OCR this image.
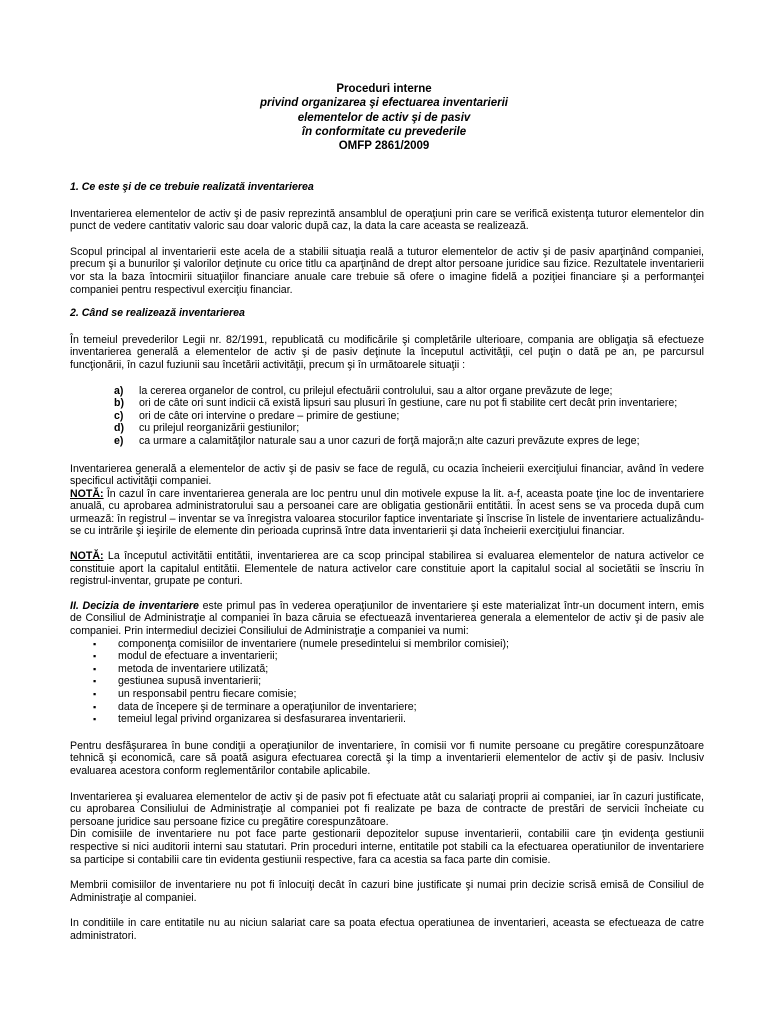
Proceduri interne
privind organizarea şi efectuarea inventarierii
elementelor de activ şi de pasiv
în conformitate cu prevederile
OMFP 2861/2009

1. Ce este şi de ce trebuie realizată inventarierea

Inventarierea elementelor de activ şi de pasiv reprezintă ansamblul de operaţiuni prin care se verifică existenţa tuturor elementelor din punct de vedere cantitativ valoric sau doar valoric după caz, la data la care aceasta se realizează.

Scopul principal al inventarierii este acela de a stabilii situaţia reală a tuturor elementelor de activ şi de pasiv aparţinând companiei, precum şi a bunurilor şi valorilor deţinute cu orice titlu ca aparţinând de drept altor persoane juridice sau fizice. Rezultatele inventarierii vor sta la baza întocmirii situaţiilor financiare anuale care trebuie să ofere o imagine fidelă a poziţiei financiare şi a performanţei companiei pentru respectivul exerciţiu financiar.

2. Când se realizează inventarierea

În temeiul prevederilor Legii nr. 82/1991, republicată cu modificările şi completările ulterioare, compania are obligaţia să efectueze inventarierea generală a elementelor de activ şi de pasiv deţinute la începutul activităţii, cel puţin o dată pe an, pe parcursul funcţionării, în cazul fuziunii sau încetării activităţii, precum şi în următoarele situaţii :

a) la cererea organelor de control, cu prilejul efectuării controlului, sau a altor organe prevăzute de lege;
b) ori de câte ori sunt indicii că există lipsuri sau plusuri în gestiune, care nu pot fi stabilite cert decât prin inventariere;
c) ori de câte ori intervine o predare – primire de gestiune;
d) cu prilejul reorganizării gestiunilor;
e) ca urmare a calamităţilor naturale sau a unor cazuri de forţă majoră;n alte cazuri prevăzute expres de lege;

Inventarierea generală a elementelor de activ şi de pasiv se face de regulă, cu ocazia încheierii exerciţiului financiar, având în vedere specificul activităţii companiei.

NOTĂ: În cazul în care inventarierea generala are loc pentru unul din motivele expuse la lit. a-f, aceasta poate ţine loc de inventariere anuală, cu aprobarea administratorului sau a persoanei care are obligatia gestionării entitătii. În acest sens se va proceda după cum urmează: în registrul – inventar se va înregistra valoarea stocurilor faptice inventariate şi înscrise în listele de inventariere actualizându-se cu intrările şi ieşirile de elemente din perioada cuprinsă între data inventarierii şi data încheierii exerciţiului financiar.

NOTĂ: La începutul activitătii entitătii, inventarierea are ca scop principal stabilirea si evaluarea elementelor de natura activelor ce constituie aport la capitalul entitătii. Elementele de natura activelor care constituie aport la capitalul social al societătii se înscriu în registrul-inventar, grupate pe conturi.

II. Decizia de inventariere este primul pas în vederea operaţiunilor de inventariere şi este materializat într-un document intern, emis de Consiliul de Administraţie al companiei în baza căruia se efectuează inventarierea generala a elementelor de activ şi de pasiv ale companiei. Prin intermediul deciziei Consiliului de Administraţie a companiei va numi:

▪ componenţa comisiilor de inventariere (numele presedintelui si membrilor comisiei);
▪ modul de efectuare a inventarierii;
▪ metoda de inventariere utilizată;
▪ gestiunea supusă inventarierii;
▪ un responsabil pentru fiecare comisie;
▪ data de începere şi de terminare a operaţiunilor de inventariere;
▪ temeiul legal privind organizarea si desfasurarea inventarierii.

Pentru desfăşurarea în bune condiţii a operaţiunilor de inventariere, în comisii vor fi numite persoane cu pregătire corespunzătoare tehnică şi economică, care să poată asigura efectuarea corectă şi la timp a inventarierii elementelor de activ şi de pasiv. Inclusiv evaluarea acestora conform reglementărilor contabile aplicabile.

Inventarierea şi evaluarea elementelor de activ şi de pasiv pot fi efectuate atât cu salariaţi proprii ai companiei, iar în cazuri justificate, cu aprobarea Consiliului de Administraţie al companiei pot fi realizate pe baza de contracte de prestări de servicii încheiate cu persoane juridice sau persoane fizice cu pregătire corespunzătoare.

Din comisiile de inventariere nu pot face parte gestionarii depozitelor supuse inventarierii, contabilii care ţin evidenţa gestiunii respective si nici auditorii interni sau statutari. Prin proceduri interne, entitatile pot stabili ca la efectuarea operatiunilor de inventariere sa participe si contabilii care tin evidenta gestiunii respective, fara ca acestia sa faca parte din comisie.

Membrii comisiilor de inventariere nu pot fi înlocuiţi decât în cazuri bine justificate şi numai prin decizie scrisă emisă de Consiliul de Administraţie al companiei.

In conditiile in care entitatile nu au niciun salariat care sa poata efectua operatiunea de inventarieri, aceasta se efectueaza de catre administratori.
